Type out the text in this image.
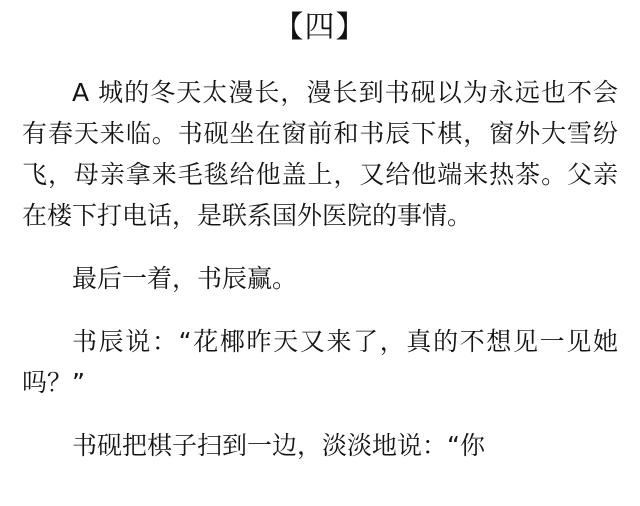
【四】

A 城的冬天太漫长，漫长到书砚以为永远也不会有春天来临。书砚坐在窗前和书辰下棋，窗外大雪纷飞，母亲拿来毛毯给他盖上，又给他端来热茶。父亲在楼下打电话，是联系国外医院的事情。

最后一着，书辰赢。

书辰说：“花椰昨天又来了，真的不想见一见她吗？”

书砚把棋子扫到一边，淡淡地说：“你
